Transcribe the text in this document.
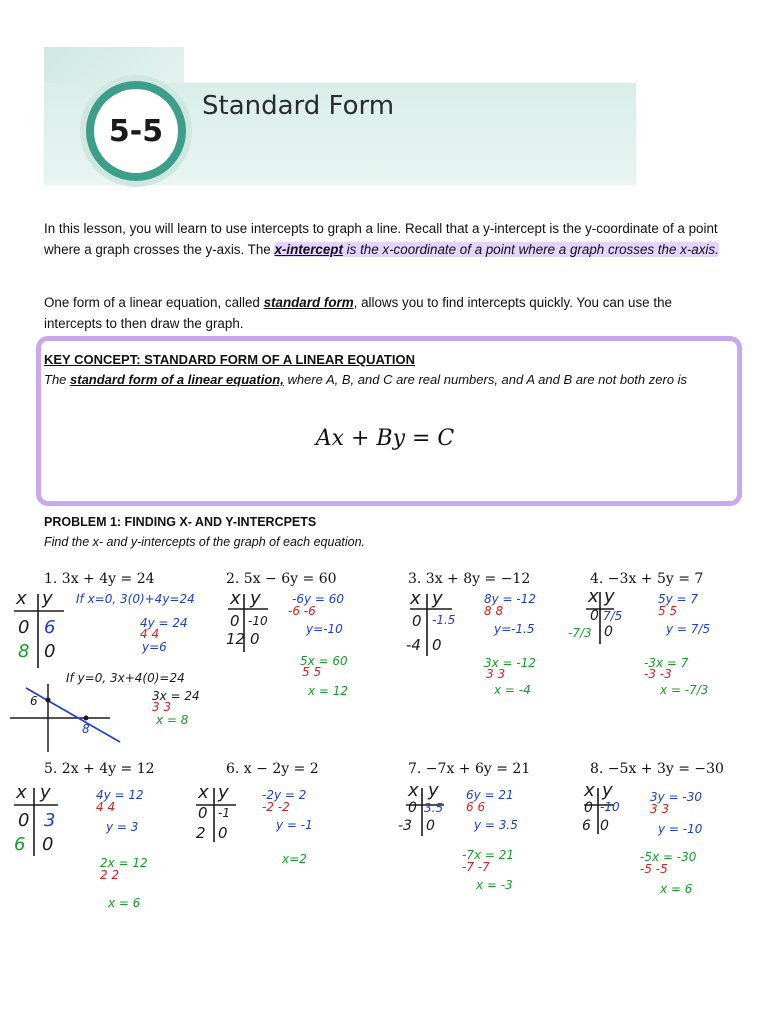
5-5
Standard Form
In this lesson, you will learn to use intercepts to graph a line. Recall that a y-intercept is the y-coordinate of a point where a graph crosses the y-axis. The x-intercept is the x-coordinate of a point where a graph crosses the x-axis.
One form of a linear equation, called standard form, allows you to find intercepts quickly. You can use the intercepts to then draw the graph.
KEY CONCEPT: STANDARD FORM OF A LINEAR EQUATION
The standard form of a linear equation, where A, B, and C are real numbers, and A and B are not both zero is
Ax + By = C
PROBLEM 1: FINDING X- AND Y-INTERCPETS
Find the x- and y-intercepts of the graph of each equation.
1. 3x + 4y = 24	2. 5x − 6y = 60	3. 3x + 8y = −12	4. −3x + 5y = 7
5. 2x + 4y = 12	6. x − 2y = 2	7. −7x + 6y = 21	8. −5x + 3y = −30
x y
0 6
8 0
If x=0, 3(0)+4y=24
4y = 24
4 4
y=6
If y=0, 3x+4(0)=24
3x = 24
3 3
x = 8
6
8
x y
0 -10
12 0
-6y = 60
-6 -6
y=-10
5x = 60
5 5
x = 12
x y
0 -1.5
-4 0
8y = -12
8 8
y=-1.5
3x = -12
3 3
x = -4
x y
0 7/5
-7/3 0
5y = 7
5 5
y = 7/5
-3x = 7
-3 -3
x = -7/3
x y
0 3
6 0
4y = 12
4 4
y = 3
2x = 12
2 2
x = 6
x y
0 -1
2 0
-2y = 2
-2 -2
y = -1
x=2
x y
0 3.5
-3 0
6y = 21
6 6
y = 3.5
-7x = 21
-7 -7
x = -3
x y
0 -10
6 0
3y = -30
3 3
y = -10
-5x = -30
-5 -5
x = 6
